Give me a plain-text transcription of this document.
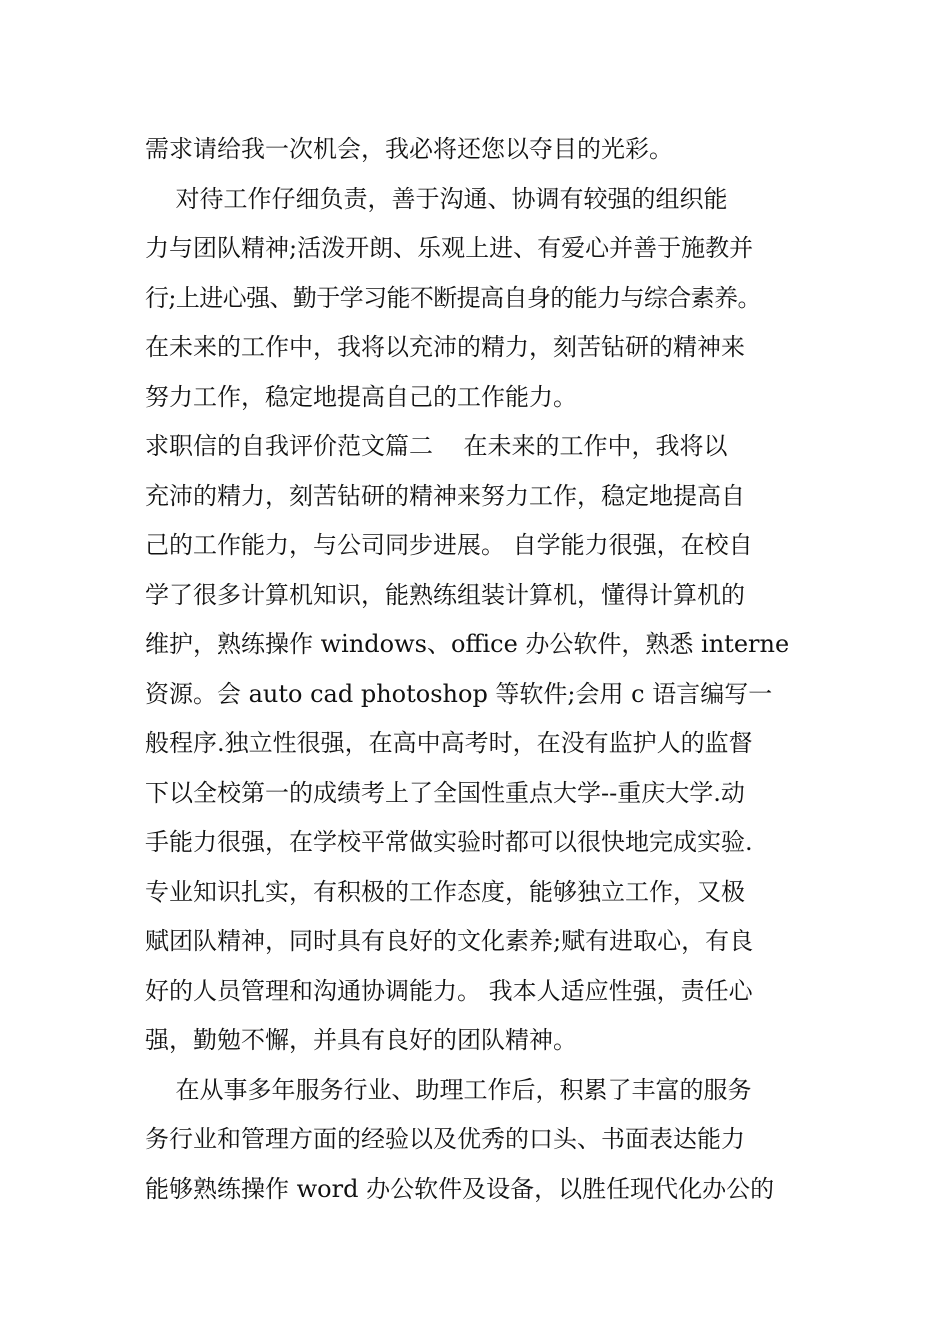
需求请给我一次机会，我必将还您以夺目的光彩。
对待工作仔细负责，善于沟通、协调有较强的组织能
力与团队精神;活泼开朗、乐观上进、有爱心并善于施教并
行;上进心强、勤于学习能不断提高自身的能力与综合素养。
在未来的工作中，我将以充沛的精力，刻苦钻研的精神来
努力工作，稳定地提高自己的工作能力。
求职信的自我评价范文篇二    在未来的工作中，我将以
充沛的精力，刻苦钻研的精神来努力工作，稳定地提高自
己的工作能力，与公司同步进展。 自学能力很强，在校自
学了很多计算机知识，能熟练组装计算机，懂得计算机的
维护，熟练操作 windows、office 办公软件，熟悉 interne
资源。会 auto cad photoshop 等软件;会用 c 语言编写一
般程序.独立性很强，在高中高考时，在没有监护人的监督
下以全校第一的成绩考上了全国性重点大学--重庆大学.动
手能力很强，在学校平常做实验时都可以很快地完成实验.
专业知识扎实，有积极的工作态度，能够独立工作，又极
赋团队精神，同时具有良好的文化素养;赋有进取心，有良
好的人员管理和沟通协调能力。 我本人适应性强，责任心
强，勤勉不懈，并具有良好的团队精神。
在从事多年服务行业、助理工作后，积累了丰富的服务
务行业和管理方面的经验以及优秀的口头、书面表达能力
能够熟练操作 word 办公软件及设备，以胜任现代化办公的
